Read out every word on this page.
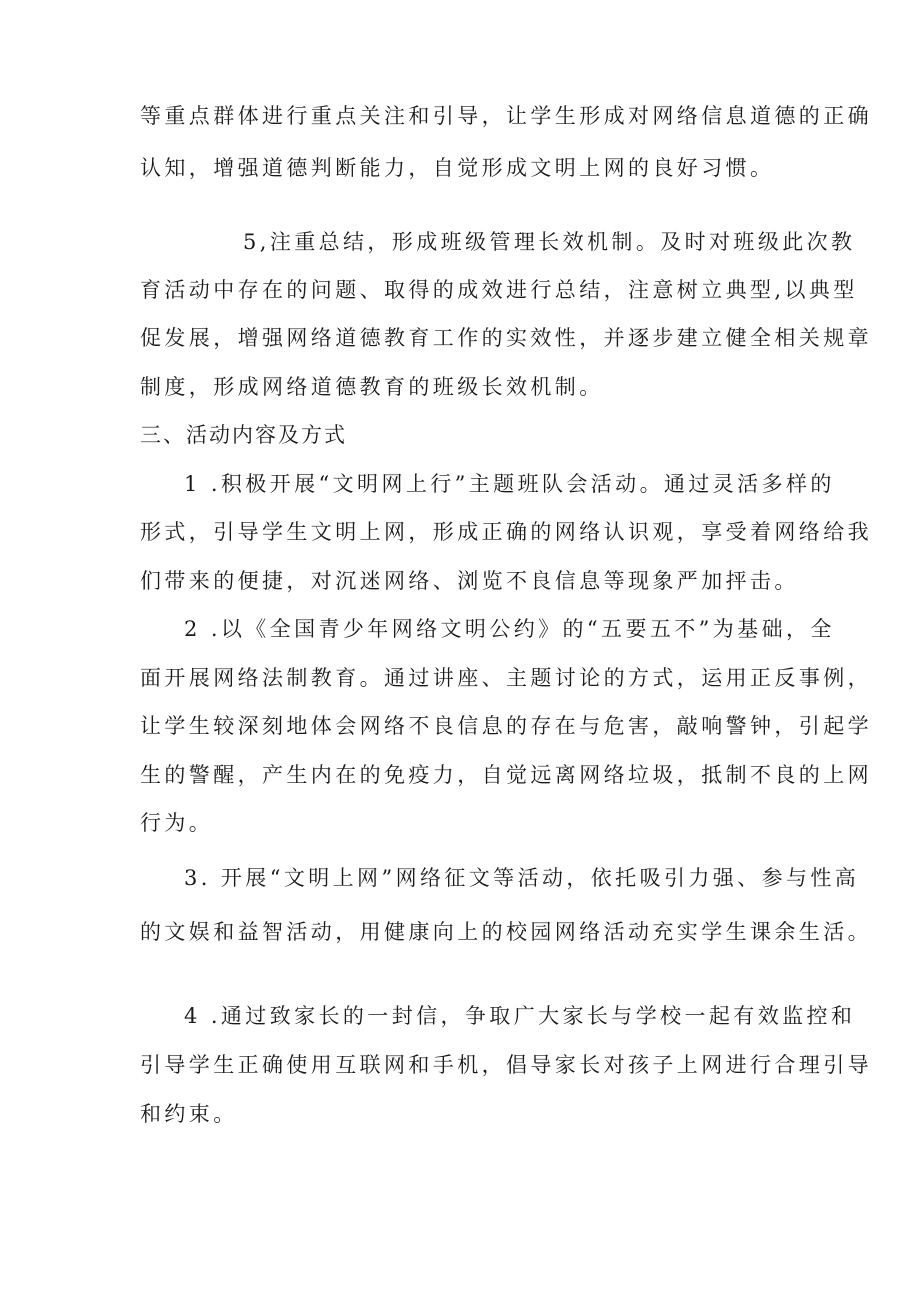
等重点群体进行重点关注和引导，让学生形成对网络信息道德的正确
认知，增强道德判断能力，自觉形成文明上网的良好习惯。
5,注重总结，形成班级管理长效机制。及时对班级此次教
育活动中存在的问题、取得的成效进行总结，注意树立典型,以典型
促发展，增强网络道德教育工作的实效性，并逐步建立健全相关规章
制度，形成网络道德教育的班级长效机制。
三、活动内容及方式
1 .积极开展“文明网上行”主题班队会活动。通过灵活多样的
形式，引导学生文明上网，形成正确的网络认识观，享受着网络给我
们带来的便捷，对沉迷网络、浏览不良信息等现象严加抨击。
2 .以《全国青少年网络文明公约》的“五要五不”为基础，全
面开展网络法制教育。通过讲座、主题讨论的方式，运用正反事例，
让学生较深刻地体会网络不良信息的存在与危害，敲响警钟，引起学
生的警醒，产生内在的免疫力，自觉远离网络垃圾，抵制不良的上网
行为。
3. 开展“文明上网”网络征文等活动，依托吸引力强、参与性高
的文娱和益智活动，用健康向上的校园网络活动充实学生课余生活。
4 .通过致家长的一封信，争取广大家长与学校一起有效监控和
引导学生正确使用互联网和手机，倡导家长对孩子上网进行合理引导
和约束。
